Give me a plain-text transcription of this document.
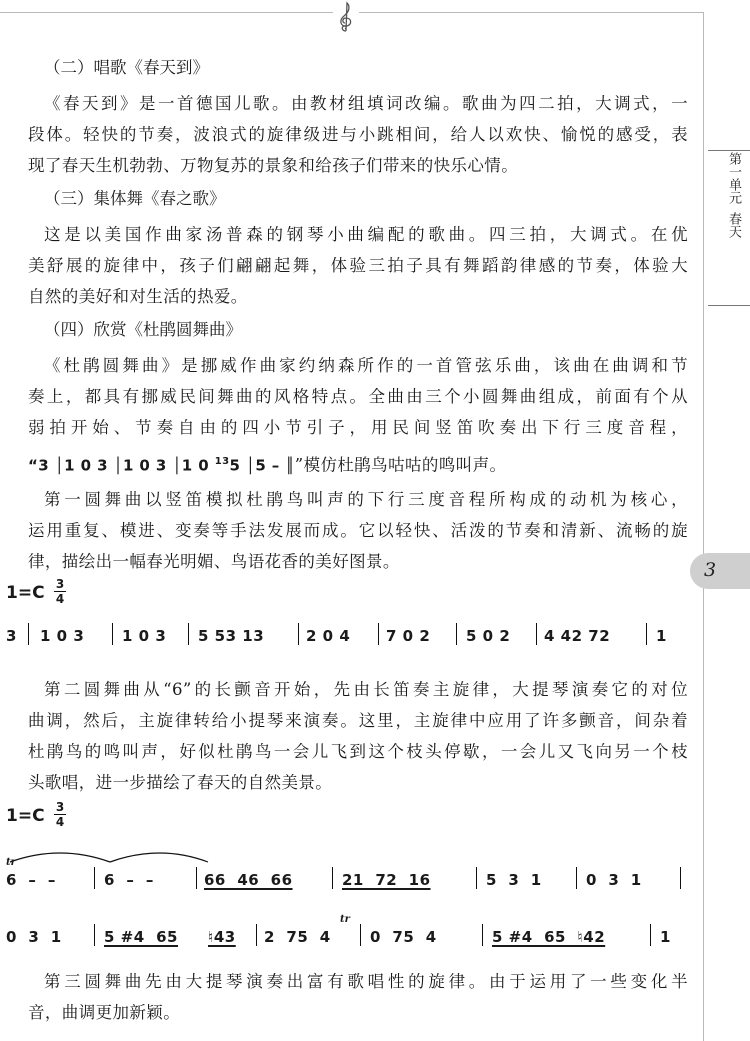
第一单元春天
3

（二）唱歌《春天到》

《春天到》是一首德国儿歌。由教材组填词改编。歌曲为四二拍，大调式，一

段体。轻快的节奏，波浪式的旋律级进与小跳相间，给人以欢快、愉悦的感受，表

现了春天生机勃勃、万物复苏的景象和给孩子们带来的快乐心情。

（三）集体舞《春之歌》

这是以美国作曲家汤普森的钢琴小曲编配的歌曲。四三拍，大调式。在优

美舒展的旋律中，孩子们翩翩起舞，体验三拍子具有舞蹈韵律感的节奏，体验大

自然的美好和对生活的热爱。

（四）欣赏《杜鹃圆舞曲》

《杜鹃圆舞曲》是挪威作曲家约纳森所作的一首管弦乐曲，该曲在曲调和节

奏上，都具有挪威民间舞曲的风格特点。全曲由三个小圆舞曲组成，前面有个从

弱拍开始、节奏自由的四小节引子，用民间竖笛吹奏出下行三度音程，

“3 │1 0 3 │1 0 3 │1 0 $^{13}$5 │5 – ║”模仿杜鹃鸟咕咕的鸣叫声。

第一圆舞曲以竖笛模拟杜鹃鸟叫声的下行三度音程所构成的动机为核心，

运用重复、模进、变奏等手法发展而成。它以轻快、活泼的节奏和清新、流畅的旋

律，描绘出一幅春光明媚、鸟语花香的美好图景。

1=C 3
4
3 1 0 3	1 0 3 5 53 13	2 0 4 7 0 2 5 0 2 4 42 72	1

第二圆舞曲从“6”的长颤音开始，先由长笛奏主旋律，大提琴演奏它的对位

曲调，然后，主旋律转给小提琴来演奏。这里，主旋律中应用了许多颤音，间杂着

杜鹃鸟的鸣叫声，好似杜鹃鸟一会儿飞到这个枝头停歇，一会儿又飞向另一个枝

头歌唱，进一步描绘了春天的自然美景。

1=C 3
4
tr
6  –  –	6  –  –	66  46  66	21  72  16	5  3  1	0  3  1
tr
0  3  1	5 #4  65 ♮43 2  75  4	0  75  4	5 #4  65  ♮42	1

第三圆舞曲先由大提琴演奏出富有歌唱性的旋律。由于运用了一些变化半

音，曲调更加新颖。
